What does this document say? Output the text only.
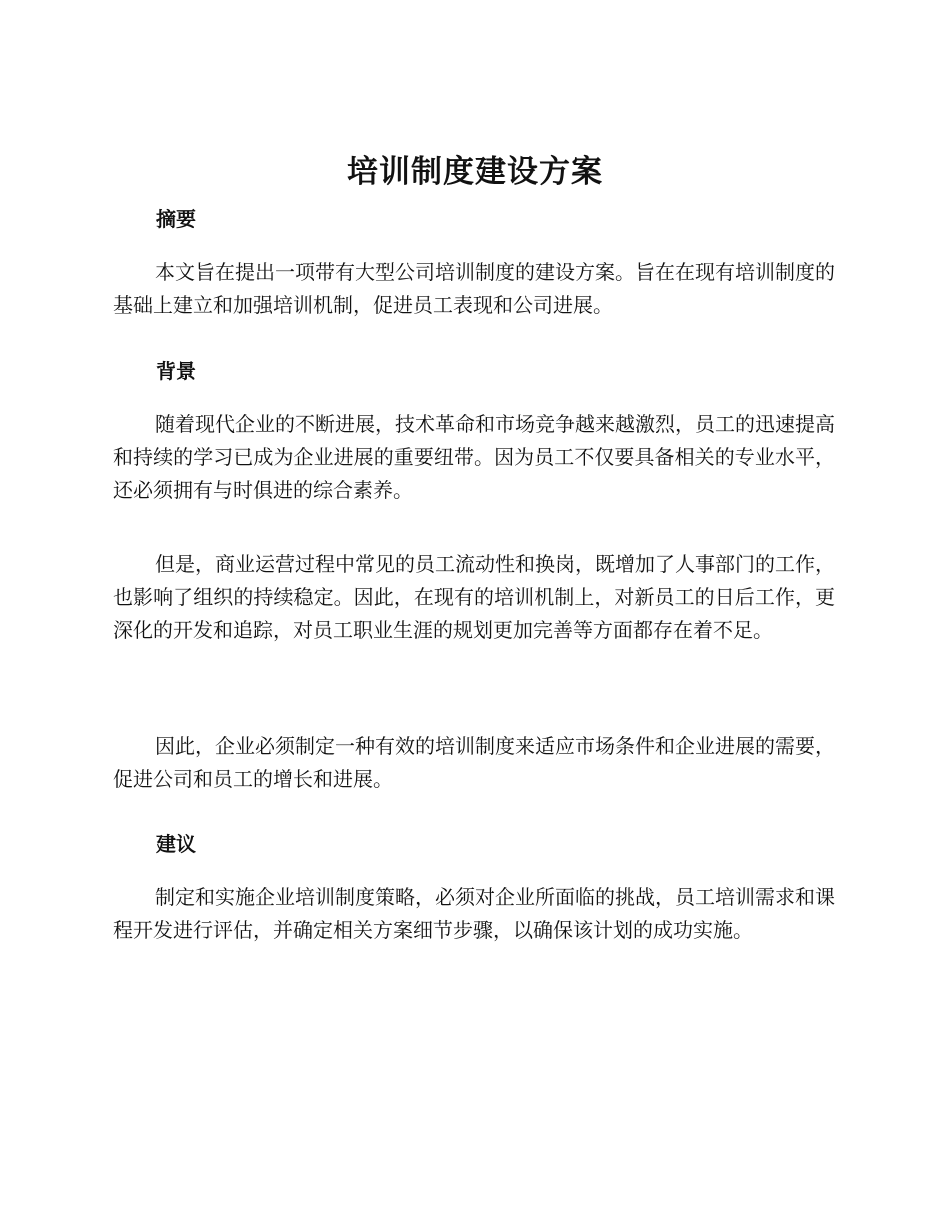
培训制度建设方案
摘要

本文旨在提出一项带有大型公司培训制度的建设方案。旨在在现有培训制度的基础上建立和加强培训机制，促进员工表现和公司进展。

背景

随着现代企业的不断进展，技术革命和市场竞争越来越激烈，员工的迅速提高和持续的学习已成为企业进展的重要纽带。因为员工不仅要具备相关的专业水平，还必须拥有与时俱进的综合素养。

但是，商业运营过程中常见的员工流动性和换岗，既增加了人事部门的工作，也影响了组织的持续稳定。因此，在现有的培训机制上，对新员工的日后工作，更深化的开发和追踪，对员工职业生涯的规划更加完善等方面都存在着不足。

因此，企业必须制定一种有效的培训制度来适应市场条件和企业进展的需要，促进公司和员工的增长和进展。

建议

制定和实施企业培训制度策略，必须对企业所面临的挑战，员工培训需求和课程开发进行评估，并确定相关方案细节步骤，以确保该计划的成功实施。
